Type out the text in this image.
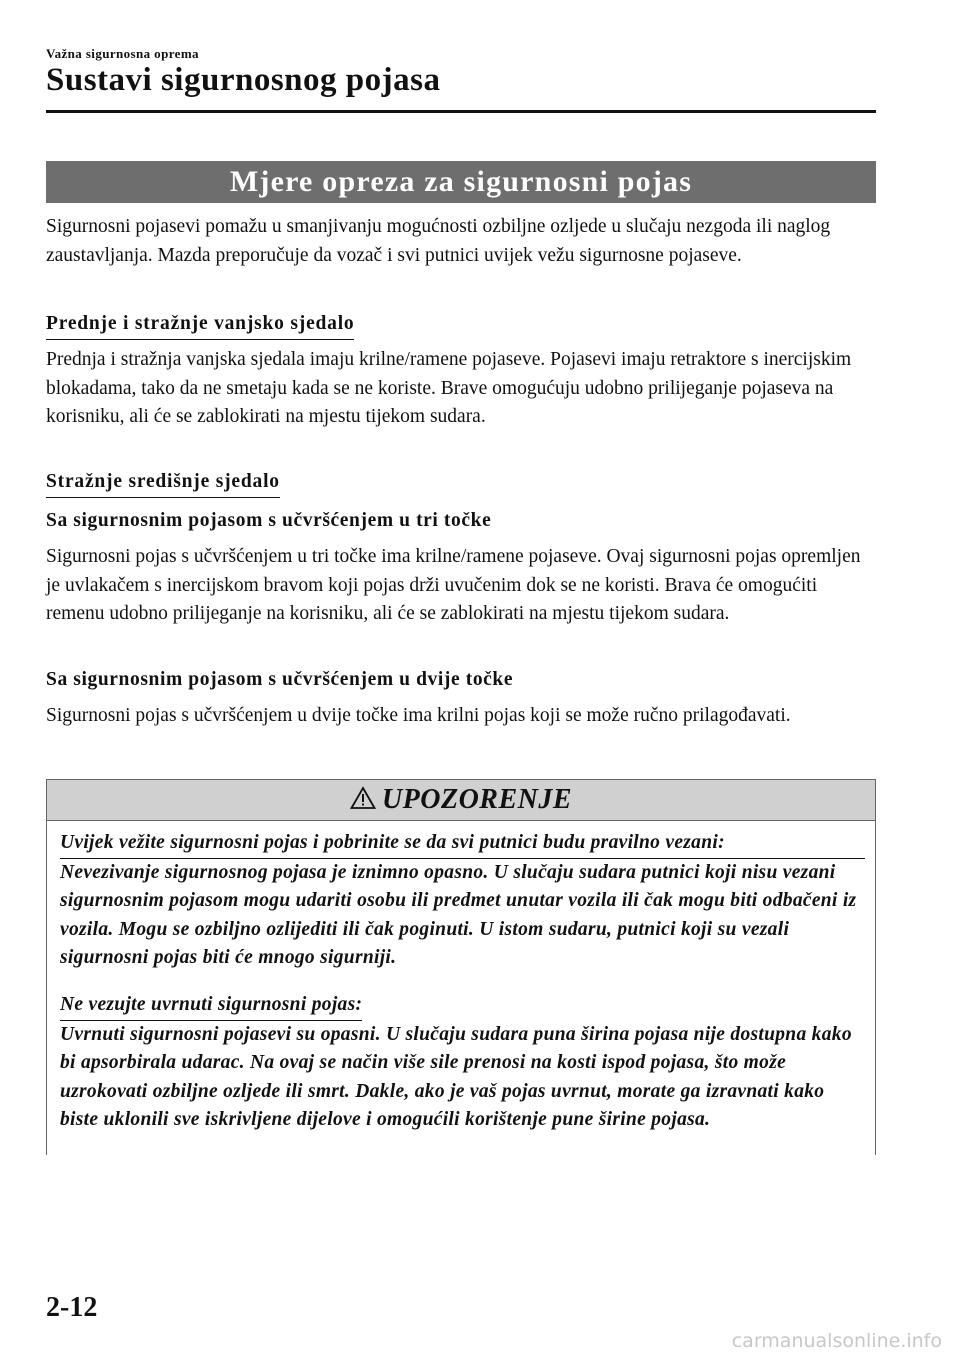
Važna sigurnosna oprema
Sustavi sigurnosnog pojasa
Mjere opreza za sigurnosni pojas

Sigurnosni pojasevi pomažu u smanjivanju mogućnosti ozbiljne ozljede u slučaju nezgoda ili naglog zaustavljanja. Mazda preporučuje da vozač i svi putnici uvijek vežu sigurnosne pojaseve.

Prednje i stražnje vanjsko sjedalo

Prednja i stražnja vanjska sjedala imaju krilne/ramene pojaseve. Pojasevi imaju retraktore s inercijskim blokadama, tako da ne smetaju kada se ne koriste. Brave omogućuju udobno prilijeganje pojaseva na korisniku, ali će se zablokirati na mjestu tijekom sudara.

Stražnje središnje sjedalo
Sa sigurnosnim pojasom s učvršćenjem u tri točke

Sigurnosni pojas s učvršćenjem u tri točke ima krilne/ramene pojaseve. Ovaj sigurnosni pojas opremljen je uvlakačem s inercijskom bravom koji pojas drži uvučenim dok se ne koristi. Brava će omogućiti remenu udobno prilijeganje na korisniku, ali će se zablokirati na mjestu tijekom sudara.

Sa sigurnosnim pojasom s učvršćenjem u dvije točke

Sigurnosni pojas s učvršćenjem u dvije točke ima krilni pojas koji se može ručno prilagođavati.

UPOZORENJE

Uvijek vežite sigurnosni pojas i pobrinite se da svi putnici budu pravilno vezani:
Nevezivanje sigurnosnog pojasa je iznimno opasno. U slučaju sudara putnici koji nisu vezani sigurnosnim pojasom mogu udariti osobu ili predmet unutar vozila ili čak mogu biti odbačeni iz vozila. Mogu se ozbiljno ozlijediti ili čak poginuti. U istom sudaru, putnici koji su vezali sigurnosni pojas biti će mnogo sigurniji.

Ne vezujte uvrnuti sigurnosni pojas:
Uvrnuti sigurnosni pojasevi su opasni. U slučaju sudara puna širina pojasa nije dostupna kako bi apsorbirala udarac. Na ovaj se način više sile prenosi na kosti ispod pojasa, što može uzrokovati ozbiljne ozljede ili smrt. Dakle, ako je vaš pojas uvrnut, morate ga izravnati kako biste uklonili sve iskrivljene dijelove i omogućili korištenje pune širine pojasa.

2-12
carmanualsonline.info
